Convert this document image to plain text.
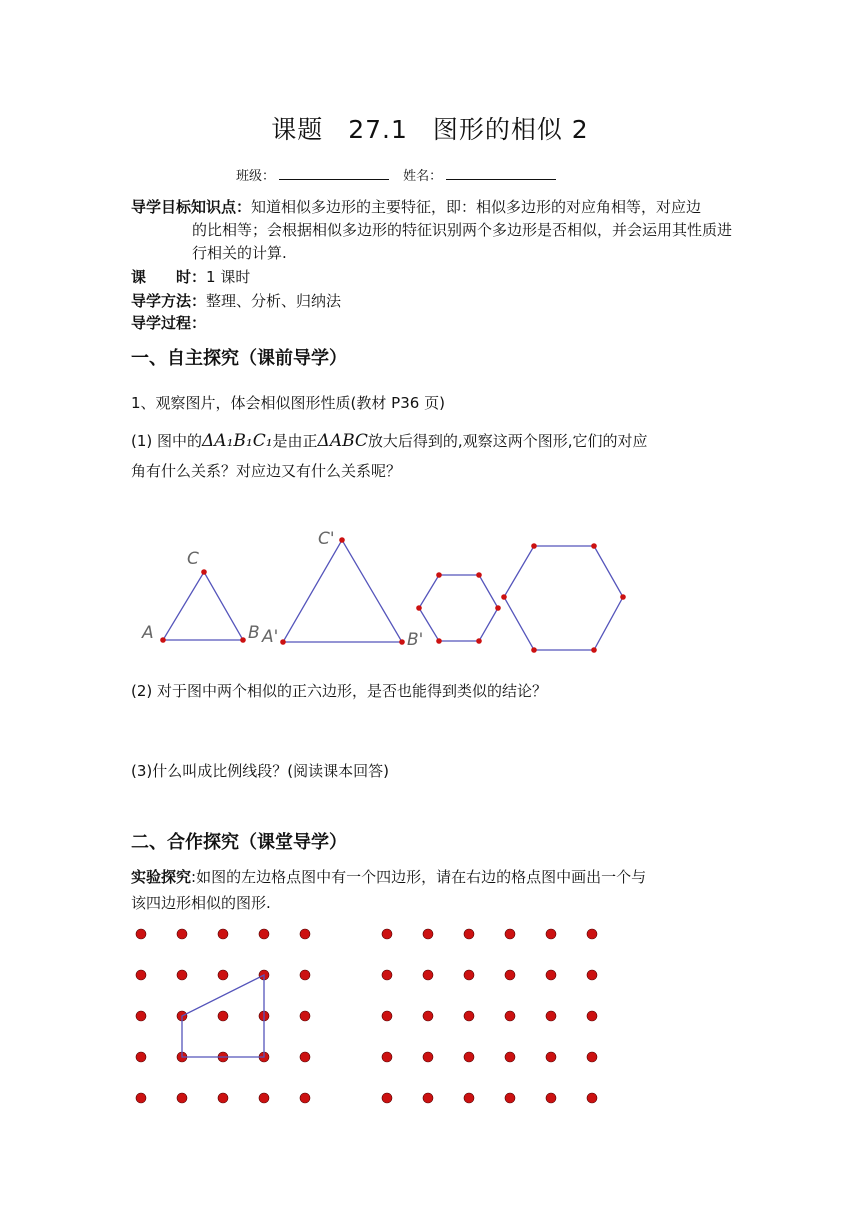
课题 27.1 图形的相似 2
班级：	姓名：
导学目标知识点：知道相似多边形的主要特征，即：相似多边形的对应角相等，对应边
的比相等；会根据相似多边形的特征识别两个多边形是否相似，并会运用其性质进
行相关的计算.
课　　时：1 课时
导学方法：整理、分析、归纳法
导学过程：
一、自主探究（课前导学）
1、观察图片，体会相似图形性质(教材 P36 页)
(1) 图中的ΔA₁B₁C₁是由正ΔABC放大后得到的,观察这两个图形,它们的对应
角有什么关系？对应边又有什么关系呢？
A	B
C
A'	B'
C'
(2) 对于图中两个相似的正六边形，是否也能得到类似的结论？
(3)什么叫成比例线段？(阅读课本回答)
二、合作探究（课堂导学）
实验探究:如图的左边格点图中有一个四边形，请在右边的格点图中画出一个与
该四边形相似的图形.
